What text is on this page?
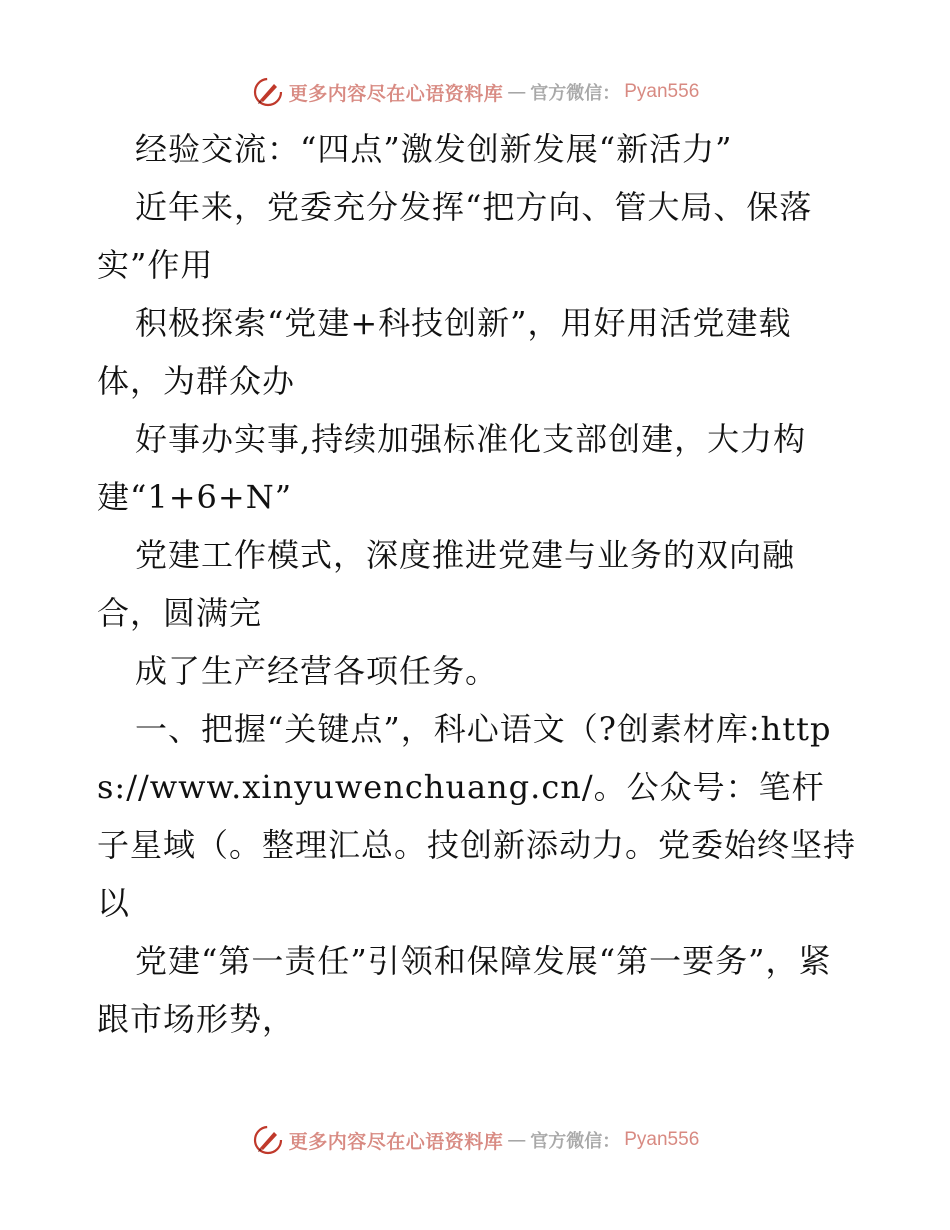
更多内容尽在心语资料库 — 官方微信： Pyan556

经验交流：“四点”激发创新发展“新活力”

近年来，党委充分发挥“把方向、管大局、保落实”作用

积极探索“党建+科技创新”，用好用活党建载体，为群众办

好事办实事,持续加强标准化支部创建，大力构建“1+6+N”

党建工作模式，深度推进党建与业务的双向融合，圆满完

成了生产经营各项任务。

一、把握“关键点”，科心语文（?创素材库:https://www.xinyuwenchuang.cn/。公众号：笔杆子星域（。整理汇总。技创新添动力。党委始终坚持以

党建“第一责任”引领和保障发展“第一要务”，紧跟市场形势，

更多内容尽在心语资料库 — 官方微信： Pyan556
